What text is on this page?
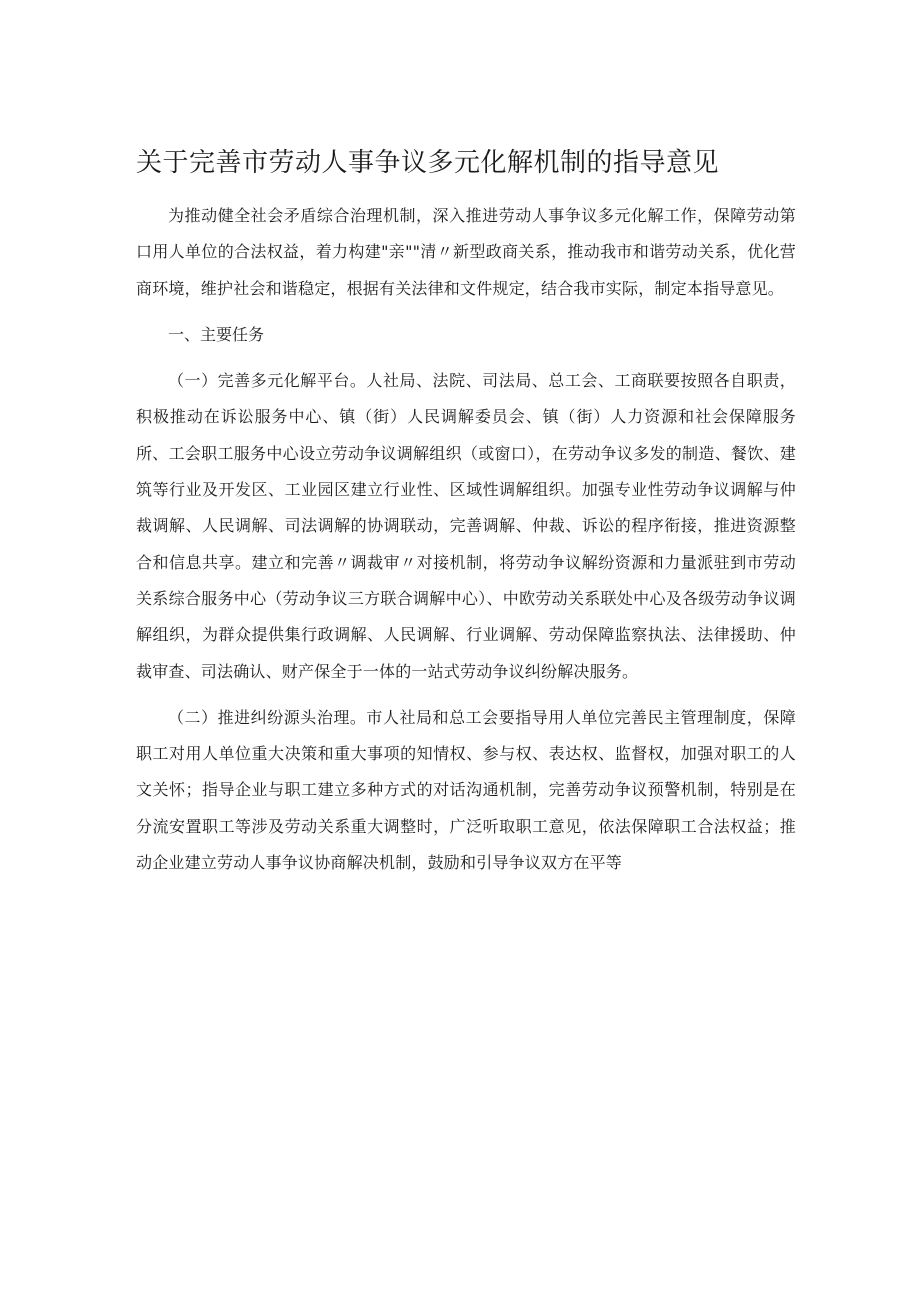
关于完善市劳动人事争议多元化解机制的指导意见

为推动健全社会矛盾综合治理机制，深入推进劳动人事争议多元化解工作，保障劳动第口用人单位的合法权益，着力构建"亲""清〃新型政商关系，推动我市和谐劳动关系，优化营商环境，维护社会和谐稳定，根据有关法律和文件规定，结合我市实际，制定本指导意见。

一、主要任务

（一）完善多元化解平台。人社局、法院、司法局、总工会、工商联要按照各自职责，积极推动在诉讼服务中心、镇（街）人民调解委员会、镇（街）人力资源和社会保障服务所、工会职工服务中心设立劳动争议调解组织（或窗口），在劳动争议多发的制造、餐饮、建筑等行业及开发区、工业园区建立行业性、区域性调解组织。加强专业性劳动争议调解与仲裁调解、人民调解、司法调解的协调联动，完善调解、仲裁、诉讼的程序衔接，推进资源整合和信息共享。建立和完善〃调裁审〃对接机制，将劳动争议解纷资源和力量派驻到市劳动关系综合服务中心（劳动争议三方联合调解中心）、中欧劳动关系联处中心及各级劳动争议调解组织，为群众提供集行政调解、人民调解、行业调解、劳动保障监察执法、法律援助、仲裁审查、司法确认、财产保全于一体的一站式劳动争议纠纷解决服务。

（二）推进纠纷源头治理。市人社局和总工会要指导用人单位完善民主管理制度，保障职工对用人单位重大决策和重大事项的知情权、参与权、表达权、监督权，加强对职工的人文关怀；指导企业与职工建立多种方式的对话沟通机制，完善劳动争议预警机制，特别是在分流安置职工等涉及劳动关系重大调整时，广泛听取职工意见，依法保障职工合法权益；推动企业建立劳动人事争议协商解决机制，鼓励和引导争议双方在平等
